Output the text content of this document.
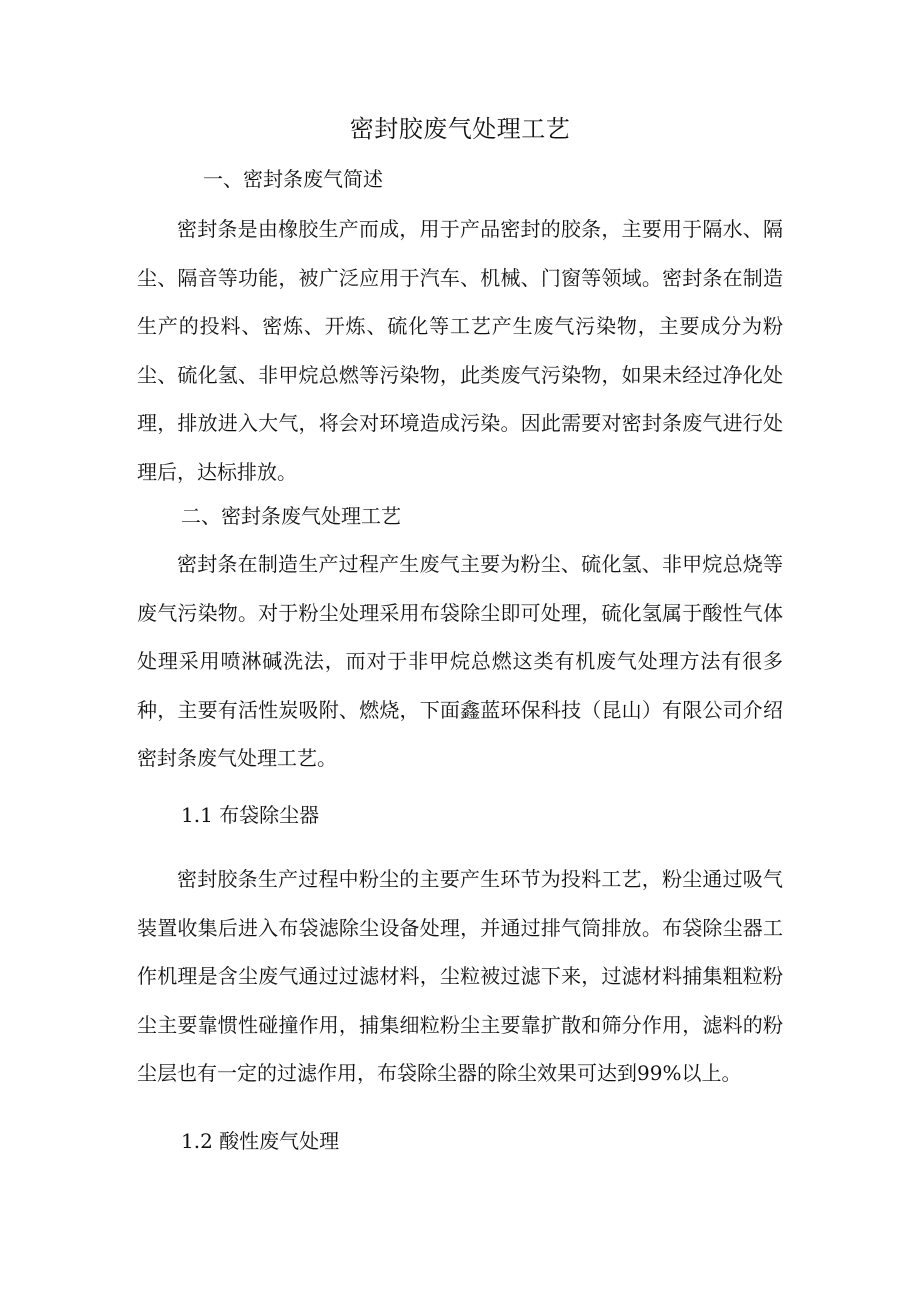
密封胶废气处理工艺
一、密封条废气简述
密封条是由橡胶生产而成，用于产品密封的胶条，主要用于隔水、隔尘、隔音等功能，被广泛应用于汽车、机械、门窗等领域。密封条在制造生产的投料、密炼、开炼、硫化等工艺产生废气污染物，主要成分为粉尘、硫化氢、非甲烷总燃等污染物，此类废气污染物，如果未经过净化处理，排放进入大气，将会对环境造成污染。因此需要对密封条废气进行处理后，达标排放。
二、密封条废气处理工艺
密封条在制造生产过程产生废气主要为粉尘、硫化氢、非甲烷总烧等废气污染物。对于粉尘处理采用布袋除尘即可处理，硫化氢属于酸性气体处理采用喷淋碱洗法，而对于非甲烷总燃这类有机废气处理方法有很多种，主要有活性炭吸附、燃烧，下面鑫蓝环保科技（昆山）有限公司介绍密封条废气处理工艺。
1.1 布袋除尘器
密封胶条生产过程中粉尘的主要产生环节为投料工艺，粉尘通过吸气装置收集后进入布袋滤除尘设备处理，并通过排气筒排放。布袋除尘器工作机理是含尘废气通过过滤材料，尘粒被过滤下来，过滤材料捕集粗粒粉尘主要靠惯性碰撞作用，捕集细粒粉尘主要靠扩散和筛分作用，滤料的粉尘层也有一定的过滤作用，布袋除尘器的除尘效果可达到99%以上。
1.2 酸性废气处理
